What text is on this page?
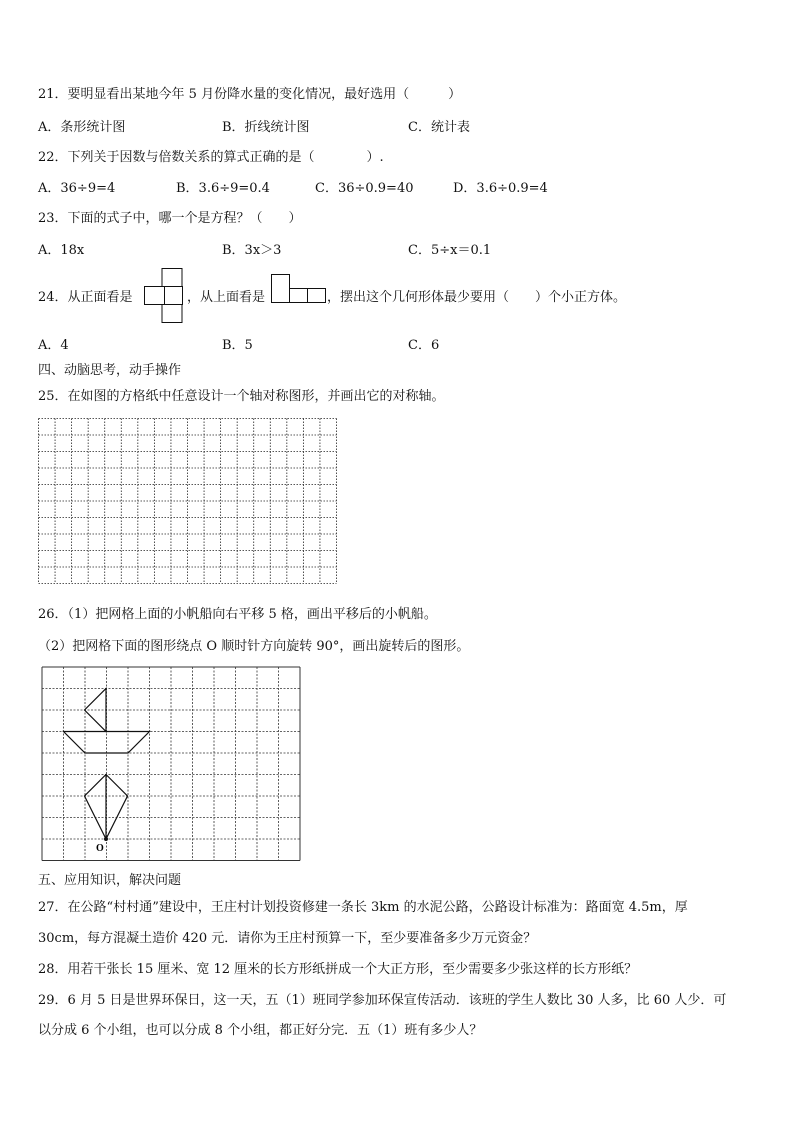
21．要明显看出某地今年 5 月份降水量的变化情况，最好选用（　　　）
A．条形统计图	B．折线统计图	C．统计表
22．下列关于因数与倍数关系的算式正确的是（　　　　）.
A．36÷9=4	B．3.6÷9=0.4	C．36÷0.9=40	D．3.6÷0.9=4
23．下面的式子中，哪一个是方程？（　　）
A．18x	B．3x＞3	C．5÷x＝0.1
24．从正面看是	，从上面看是	，摆出这个几何形体最少要用（　　）个小正方体。
A．4	B．5	C．6
四、动脑思考，动手操作
25．在如图的方格纸中任意设计一个轴对称图形，并画出它的对称轴。
26．（1）把网格上面的小帆船向右平移 5 格，画出平移后的小帆船。
（2）把网格下面的图形绕点 O 顺时针方向旋转 90°，画出旋转后的图形。
O
五、应用知识，解决问题
27．在公路“村村通”建设中，王庄村计划投资修建一条长 3km 的水泥公路，公路设计标准为：路面宽 4.5m，厚
30cm，每方混凝土造价 420 元．请你为王庄村预算一下，至少要准备多少万元资金？
28．用若干张长 15 厘米、宽 12 厘米的长方形纸拼成一个大正方形，至少需要多少张这样的长方形纸？
29．6 月 5 日是世界环保日，这一天，五（1）班同学参加环保宣传活动．该班的学生人数比 30 人多，比 60 人少．可
以分成 6 个小组，也可以分成 8 个小组，都正好分完．五（1）班有多少人？
